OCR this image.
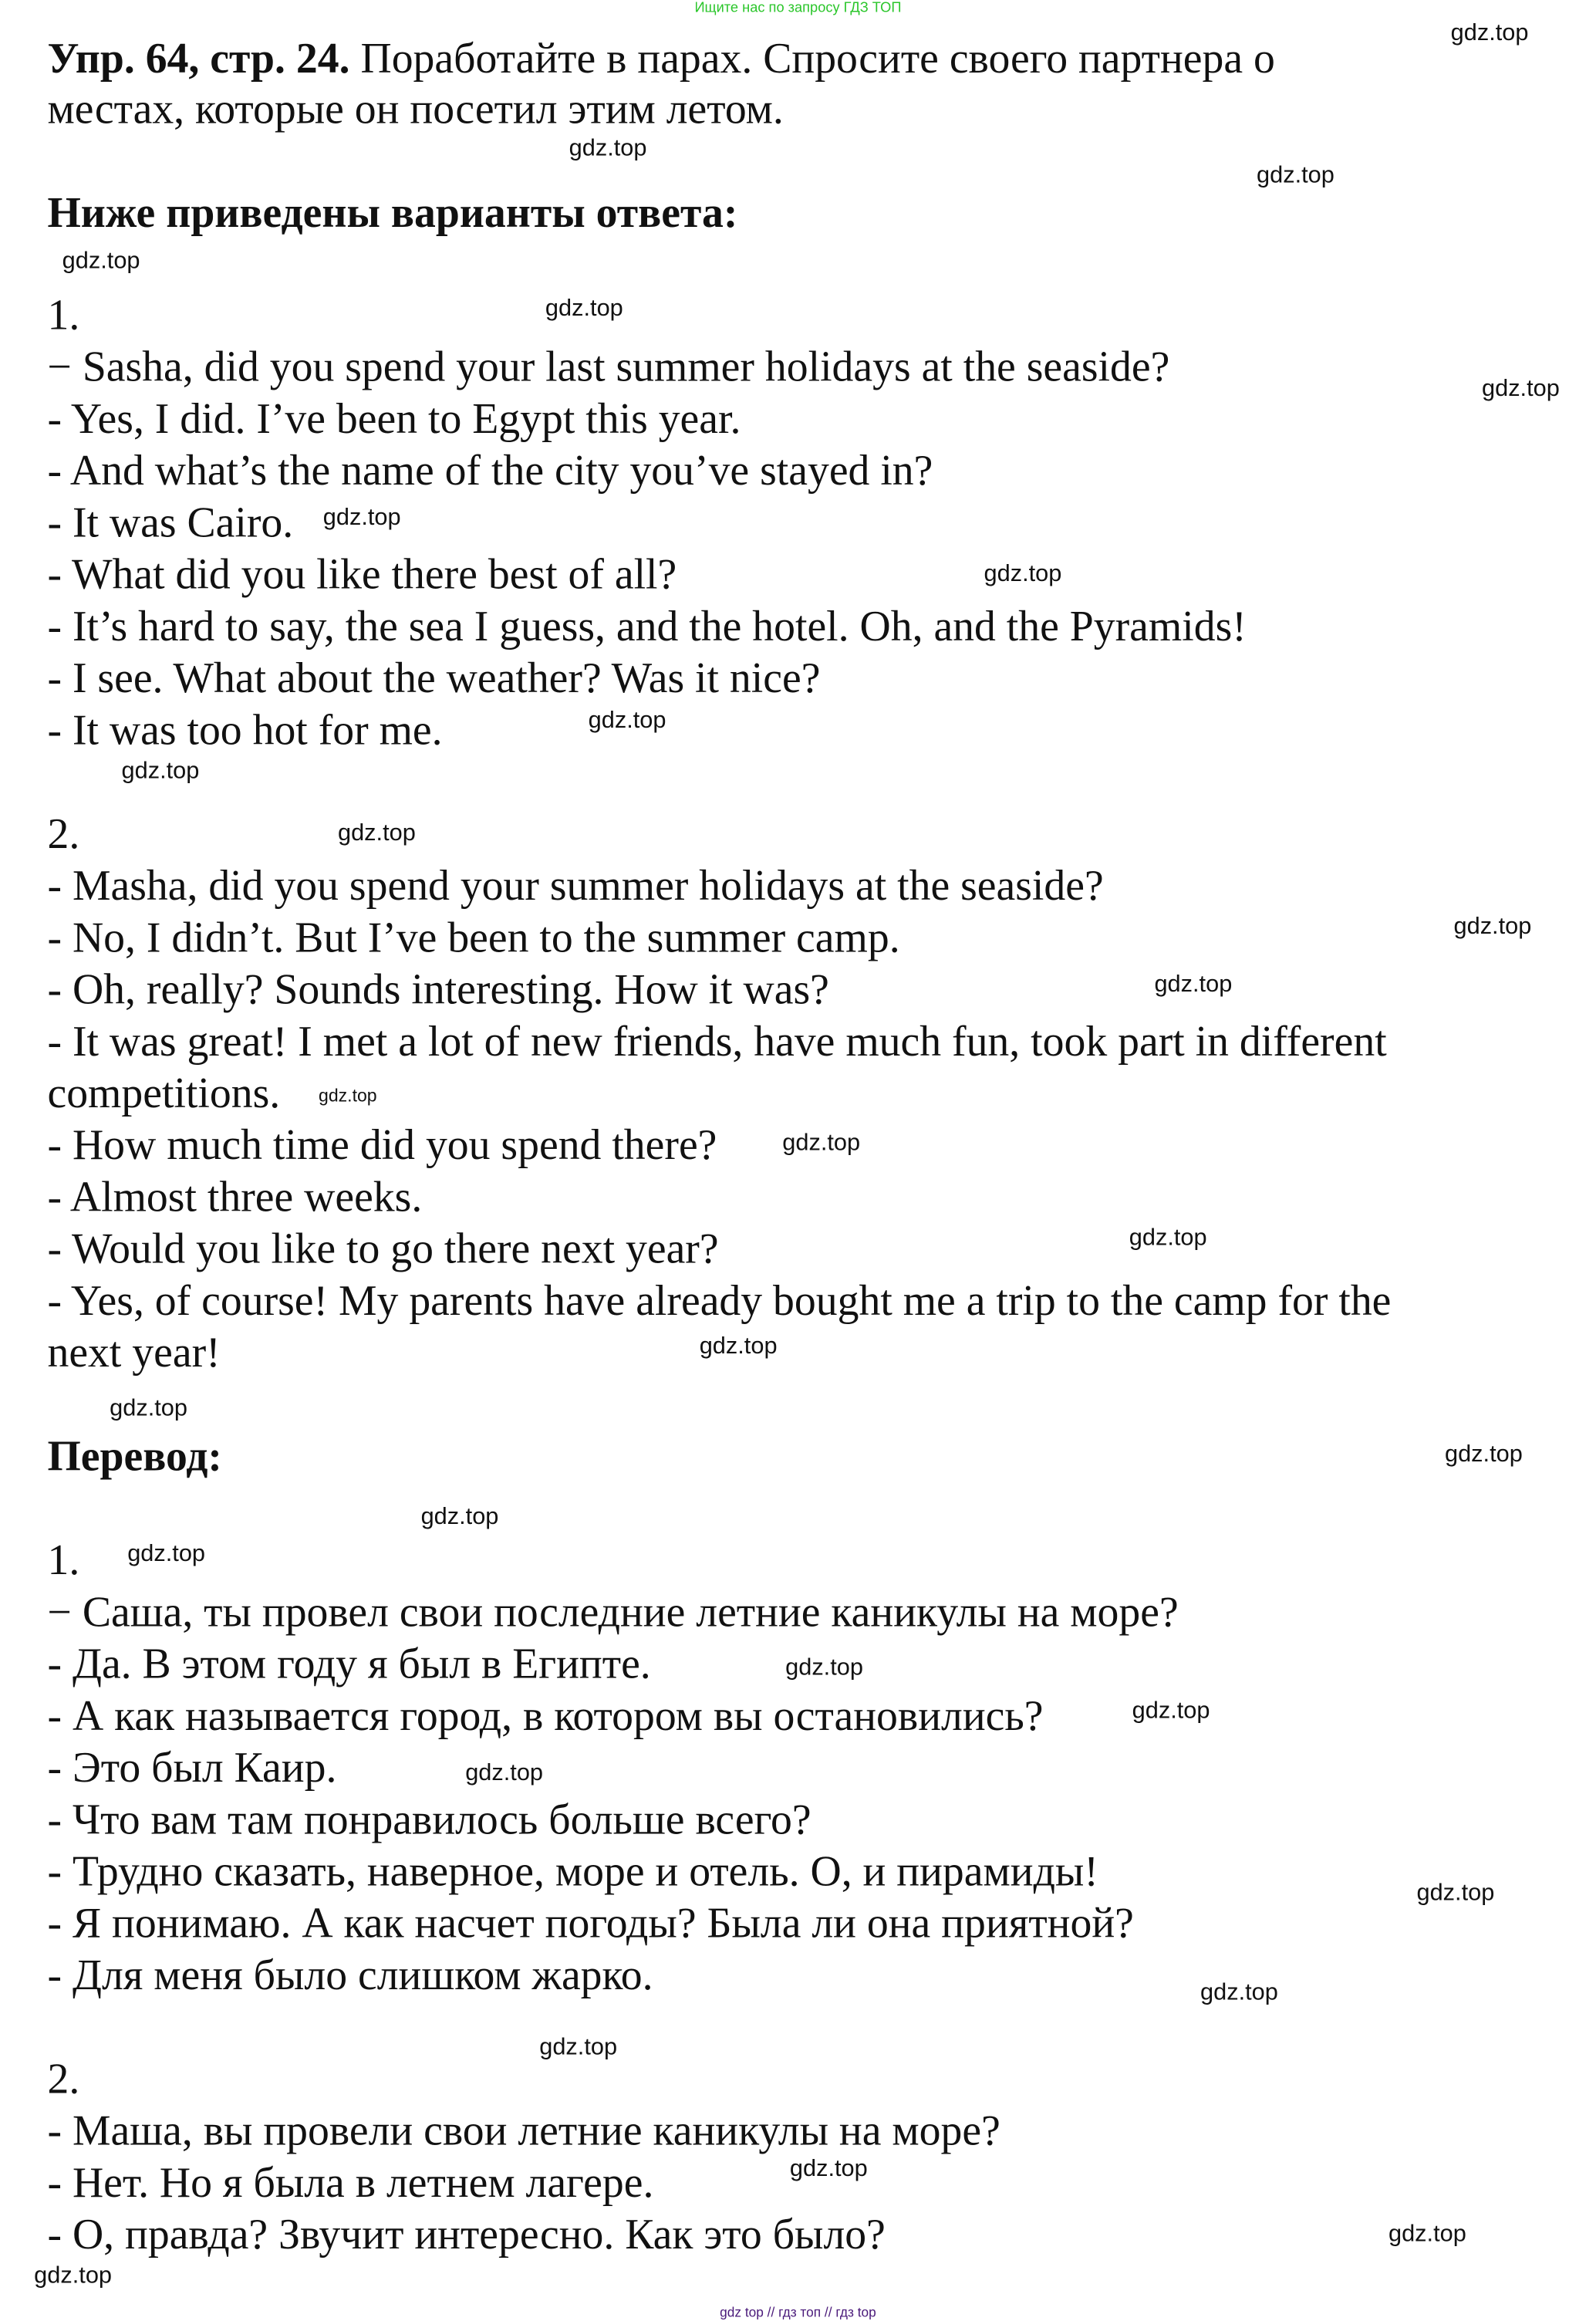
Ищите нас по запросу ГДЗ ТОП
Упр. 64, стр. 24. Поработайте в парах. Спросите своего партнера о
местах, которые он посетил этим летом.
Ниже приведены варианты ответа:
1.
− Sasha, did you spend your last summer holidays at the seaside?
- Yes, I did. I’ve been to Egypt this year.
- And what’s the name of the city you’ve stayed in?
- It was Cairo.
- What did you like there best of all?
- It’s hard to say, the sea I guess, and the hotel. Oh, and the Pyramids!
- I see. What about the weather? Was it nice?
- It was too hot for me.
2.
- Masha, did you spend your summer holidays at the seaside?
- No, I didn’t. But I’ve been to the summer camp.
- Oh, really? Sounds interesting. How it was?
- It was great! I met a lot of new friends, have much fun, took part in different
competitions.
- How much time did you spend there?
- Almost three weeks.
- Would you like to go there next year?
- Yes, of course! My parents have already bought me a trip to the camp for the
next year!
Перевод:
1.
− Саша, ты провел свои последние летние каникулы на море?
- Да. В этом году я был в Египте.
- А как называется город, в котором вы остановились?
- Это был Каир.
- Что вам там понравилось больше всего?
- Трудно сказать, наверное, море и отель. О, и пирамиды!
- Я понимаю. А как насчет погоды? Была ли она приятной?
- Для меня было слишком жарко.
2.
- Маша, вы провели свои летние каникулы на море?
- Нет. Но я была в летнем лагере.
- О, правда? Звучит интересно. Как это было?
gdz.top
gdz.top
gdz.top
gdz.top
gdz.top
gdz.top
gdz.top
gdz.top
gdz.top
gdz.top
gdz.top
gdz.top
gdz.top
gdz.top
gdz.top
gdz.top
gdz.top
gdz.top
gdz.top
gdz.top
gdz.top
gdz.top
gdz.top
gdz.top
gdz.top
gdz.top
gdz.top
gdz.top
gdz.top
gdz.top
gdz top // гдз топ // гдз top
